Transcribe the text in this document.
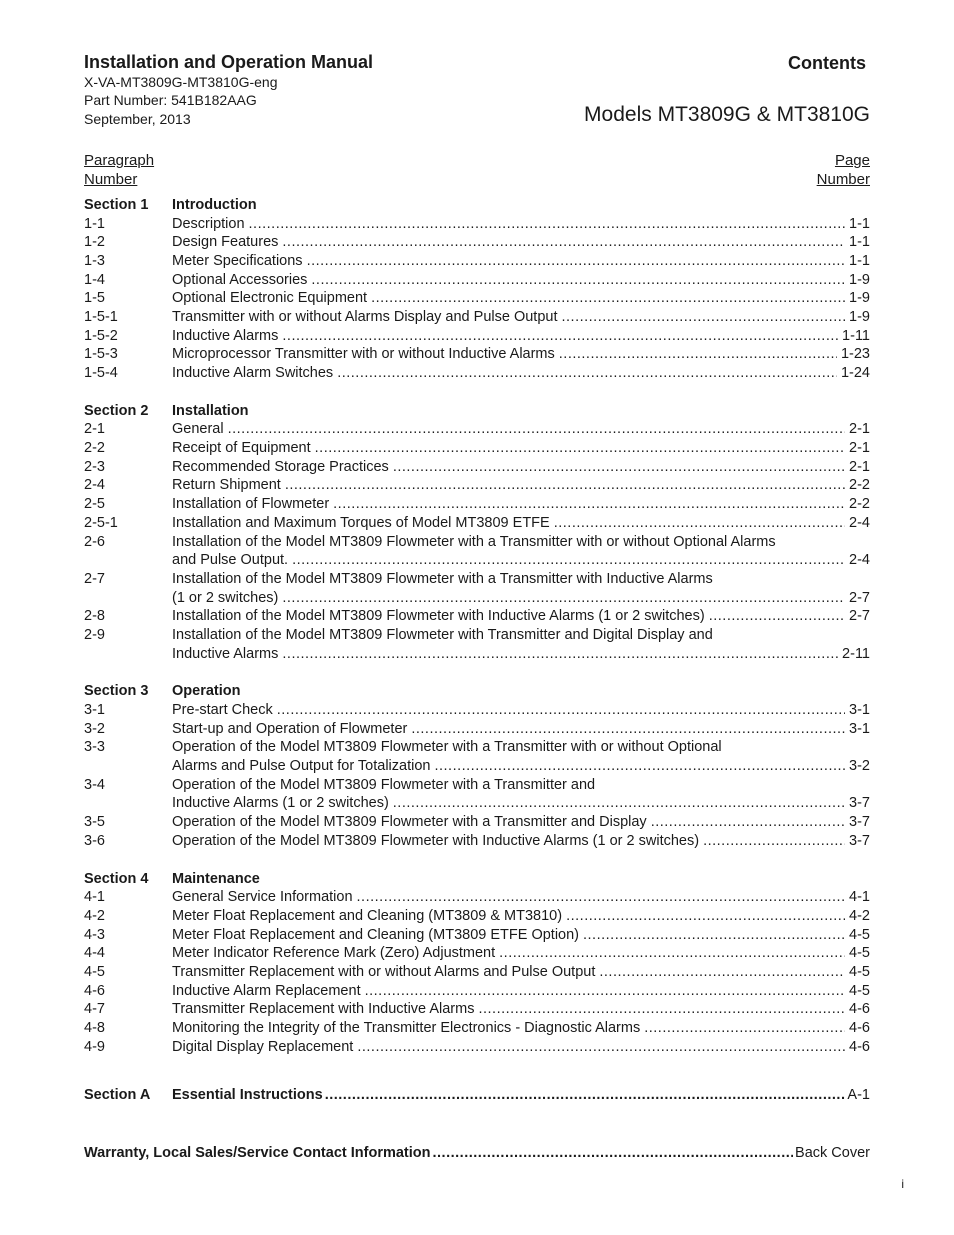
Installation and Operation Manual
X-VA-MT3809G-MT3810G-eng
Part Number: 541B182AAG
September, 2013
Contents
Models MT3809G & MT3810G
Paragraph
Number
Page
Number
Section 1	Introduction
1-1	Description .....	1-1
1-2	Design Features .....	1-1
1-3	Meter Specifications .....	1-1
1-4	Optional Accessories .....	1-9
1-5	Optional Electronic Equipment .....	1-9
1-5-1	Transmitter with or without Alarms Display and Pulse Output .....	1-9
1-5-2	Inductive Alarms .....	1-11
1-5-3	Microprocessor Transmitter with or without Inductive Alarms .....	1-23
1-5-4	Inductive Alarm Switches .....	1-24
Section 2	Installation
2-1	General .....	2-1
2-2	Receipt of Equipment .....	2-1
2-3	Recommended Storage Practices .....	2-1
2-4	Return Shipment .....	2-2
2-5	Installation of Flowmeter .....	2-2
2-5-1	Installation and Maximum Torques of Model MT3809 ETFE .....	2-4
2-6	Installation of the Model MT3809 Flowmeter with a Transmitter with or without Optional Alarms
and Pulse Output. .....	2-4
2-7	Installation of the Model MT3809 Flowmeter with a Transmitter with Inductive Alarms
(1 or 2 switches) .....	2-7
2-8	Installation of the Model MT3809 Flowmeter with Inductive Alarms (1 or 2 switches) .....	2-7
2-9	Installation of the Model MT3809 Flowmeter with Transmitter and Digital Display and
Inductive Alarms .....	2-11
Section 3	Operation
3-1	Pre-start Check .....	3-1
3-2	Start-up and Operation of Flowmeter .....	3-1
3-3	Operation of the Model MT3809 Flowmeter with a Transmitter with or without Optional
Alarms and Pulse Output for Totalization .....	3-2
3-4	Operation of the Model MT3809 Flowmeter with a Transmitter and
Inductive Alarms (1 or 2 switches) .....	3-7
3-5	Operation of the Model MT3809 Flowmeter with a Transmitter and Display .....	3-7
3-6	Operation of the Model MT3809 Flowmeter with Inductive Alarms (1 or 2 switches) .....	3-7
Section 4	Maintenance
4-1	General Service Information .....	4-1
4-2	Meter Float Replacement and Cleaning (MT3809 & MT3810) .....	4-2
4-3	Meter Float Replacement and Cleaning (MT3809 ETFE Option) .....	4-5
4-4	Meter Indicator Reference Mark (Zero) Adjustment .....	4-5
4-5	Transmitter Replacement with or without Alarms and Pulse Output .....	4-5
4-6	Inductive Alarm Replacement .....	4-5
4-7	Transmitter Replacement with Inductive Alarms .....	4-6
4-8	Monitoring the Integrity of the Transmitter Electronics - Diagnostic Alarms .....	4-6
4-9	Digital Display Replacement .....	4-6
Section A	Essential Instructions .....	A-1
Warranty, Local Sales/Service Contact Information .....	Back Cover
i
